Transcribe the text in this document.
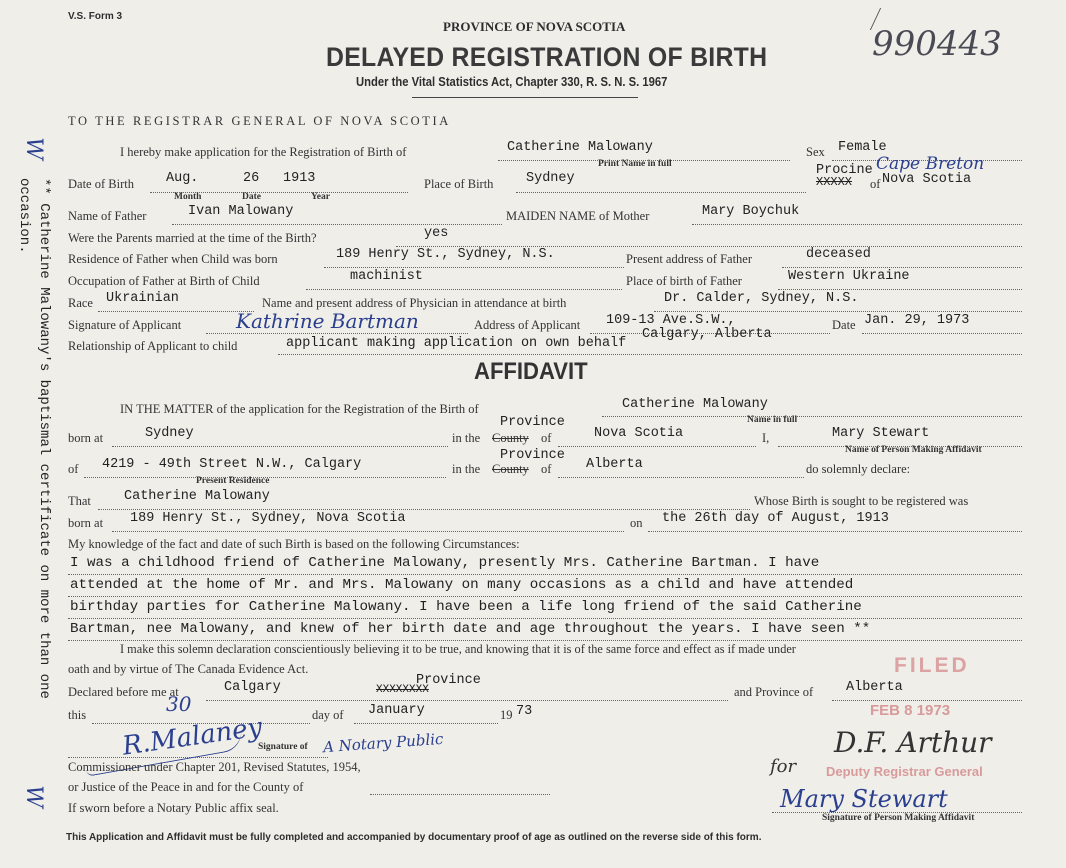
V.S. Form 3
PROVINCE OF NOVA SCOTIA
DELAYED REGISTRATION OF BIRTH
Under the Vital Statistics Act, Chapter 330, R. S. N. S. 1967
990443
TO THE REGISTRAR GENERAL OF NOVA SCOTIA
I hereby make application for the Registration of Birth of	Catherine Malowany
Print Name in full
Sex Female
Date of Birth Aug.	26 1913
Month	Date	Year
Place of Birth Sydney
Procine
XXXXX
Cape Breton
of Nova Scotia
Name of Father	Ivan Malowany	MAIDEN NAME of Mother	Mary Boychuk
Were the Parents married at the time of the Birth?	yes
Residence of Father when Child was born	189 Henry St., Sydney, N.S.	Present address of Father	deceased
Occupation of Father at Birth of Child	machinist	Place of birth of Father	Western Ukraine
Race Ukrainian	Name and present address of Physician in attendance at birth	Dr. Calder, Sydney, N.S.
Signature of Applicant	Kathrine Bartman	Address of Applicant 109-13 Ave.S.W.,
Calgary, Alberta
Date Jan. 29, 1973
Relationship of Applicant to child	applicant making application on own behalf
AFFIDAVIT
IN THE MATTER of the application for the Registration of the Birth of	Catherine Malowany
Name in full
born at	Sydney	in the County
Province
of	Nova Scotia	I,	Mary Stewart
Name of Person Making Affidavit
of 4219 - 49th Street N.W., Calgary
Present Residence
in the County
Province
of	Alberta	do solemnly declare:
That Catherine Malowany	Whose Birth is sought to be registered was
born at 189 Henry St., Sydney, Nova Scotia	on the 26th day of August, 1913
My knowledge of the fact and date of such Birth is based on the following Circumstances:
I was a childhood friend of Catherine Malowany, presently Mrs. Catherine Bartman. I have
attended at the home of Mr. and Mrs. Malowany on many occasions as a child and have attended
birthday parties for Catherine Malowany. I have been a life long friend of the said Catherine
Bartman, nee Malowany, and knew of her birth date and age throughout the years. I have seen **
I make this solemn declaration conscientiously believing it to be true, and knowing that it is of the same force and effect as if made under
oath and by virtue of The Canada Evidence Act.
Declared before me at	Calgary	XXXXXXXX
Province
and Province of Alberta
this	30	day of January	19 73
R.Malaney
Signature of A Notary Public
Commissioner under Chapter 201, Revised Statutes, 1954,
or Justice of the Peace in and for the County of
If sworn before a Notary Public affix seal.	Mary Stewart
Signature of Person Making Affidavit
FILED
FEB 8 1973
D.F. Arthur
for Deputy Registrar General
W
** Catherine Malowany's baptismal certificate on more than one occasion.
W
This Application and Affidavit must be fully completed and accompanied by documentary proof of age as outlined on the reverse side of this form.
